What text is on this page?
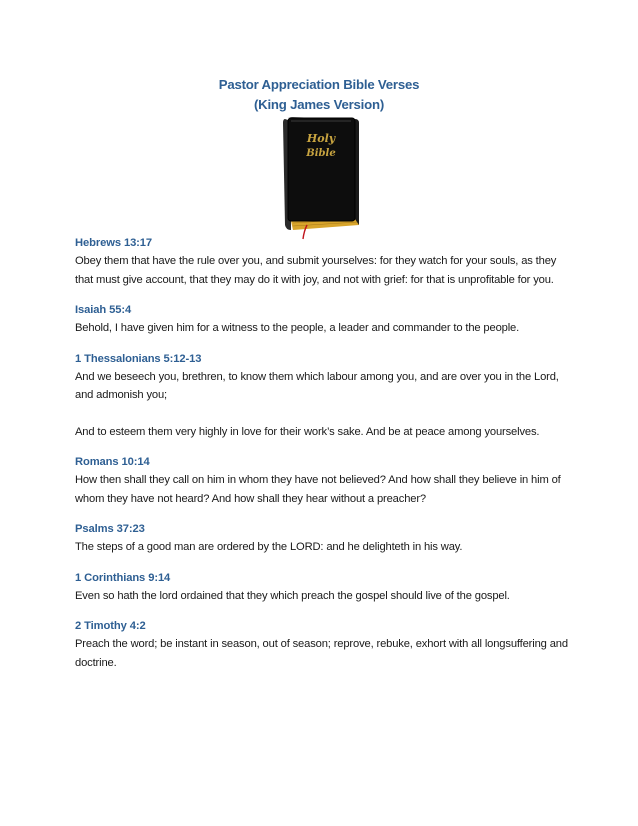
Pastor Appreciation Bible Verses
(King James Version)
Holy
Bible
Hebrews 13:17

Obey them that have the rule over you, and submit yourselves: for they watch for your souls, as they that must give account, that they may do it with joy, and not with grief: for that is unprofitable for you.

Isaiah 55:4

Behold, I have given him for a witness to the people, a leader and commander to the people.

1 Thessalonians 5:12-13

And we beseech you, brethren, to know them which labour among you, and are over you in the Lord, and admonish you;

And to esteem them very highly in love for their work’s sake. And be at peace among yourselves.

Romans 10:14

How then shall they call on him in whom they have not believed? And how shall they believe in him of whom they have not heard? And how shall they hear without a preacher?

Psalms 37:23

The steps of a good man are ordered by the LORD: and he delighteth in his way.

1 Corinthians 9:14

Even so hath the lord ordained that they which preach the gospel should live of the gospel.

2 Timothy 4:2

Preach the word; be instant in season, out of season; reprove, rebuke, exhort with all longsuffering and doctrine.
